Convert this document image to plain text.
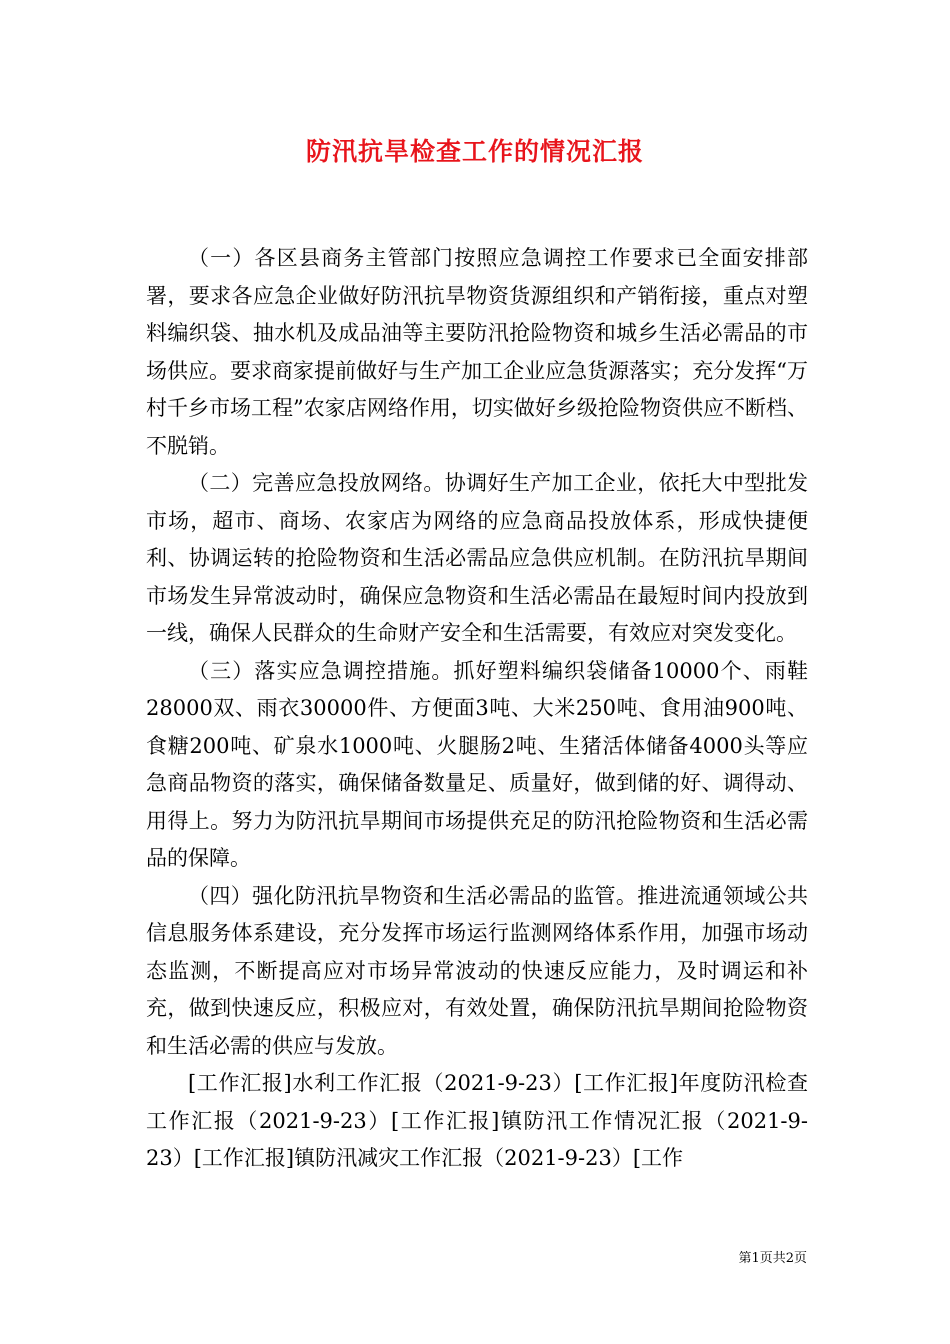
防汛抗旱检查工作的情况汇报

（一）各区县商务主管部门按照应急调控工作要求已全面安排部署，要求各应急企业做好防汛抗旱物资货源组织和产销衔接，重点对塑料编织袋、抽水机及成品油等主要防汛抢险物资和城乡生活必需品的市场供应。要求商家提前做好与生产加工企业应急货源落实；充分发挥“万村千乡市场工程”农家店网络作用，切实做好乡级抢险物资供应不断档、不脱销。

（二）完善应急投放网络。协调好生产加工企业，依托大中型批发市场，超市、商场、农家店为网络的应急商品投放体系，形成快捷便利、协调运转的抢险物资和生活必需品应急供应机制。在防汛抗旱期间市场发生异常波动时，确保应急物资和生活必需品在最短时间内投放到一线，确保人民群众的生命财产安全和生活需要，有效应对突发变化。

（三）落实应急调控措施。抓好塑料编织袋储备10000个、雨鞋28000双、雨衣30000件、方便面3吨、大米250吨、食用油900吨、食糖200吨、矿泉水1000吨、火腿肠2吨、生猪活体储备4000头等应急商品物资的落实，确保储备数量足、质量好，做到储的好、调得动、用得上。努力为防汛抗旱期间市场提供充足的防汛抢险物资和生活必需品的保障。

（四）强化防汛抗旱物资和生活必需品的监管。推进流通领域公共信息服务体系建设，充分发挥市场运行监测网络体系作用，加强市场动态监测，不断提高应对市场异常波动的快速反应能力，及时调运和补充，做到快速反应，积极应对，有效处置，确保防汛抗旱期间抢险物资和生活必需的供应与发放。

[工作汇报]水利工作汇报（2021-9-23）[工作汇报]年度防汛检查工作汇报（2021-9-23）[工作汇报]镇防汛工作情况汇报（2021-9-23）[工作汇报]镇防汛减灾工作汇报（2021-9-23）[工作

第1页共2页
